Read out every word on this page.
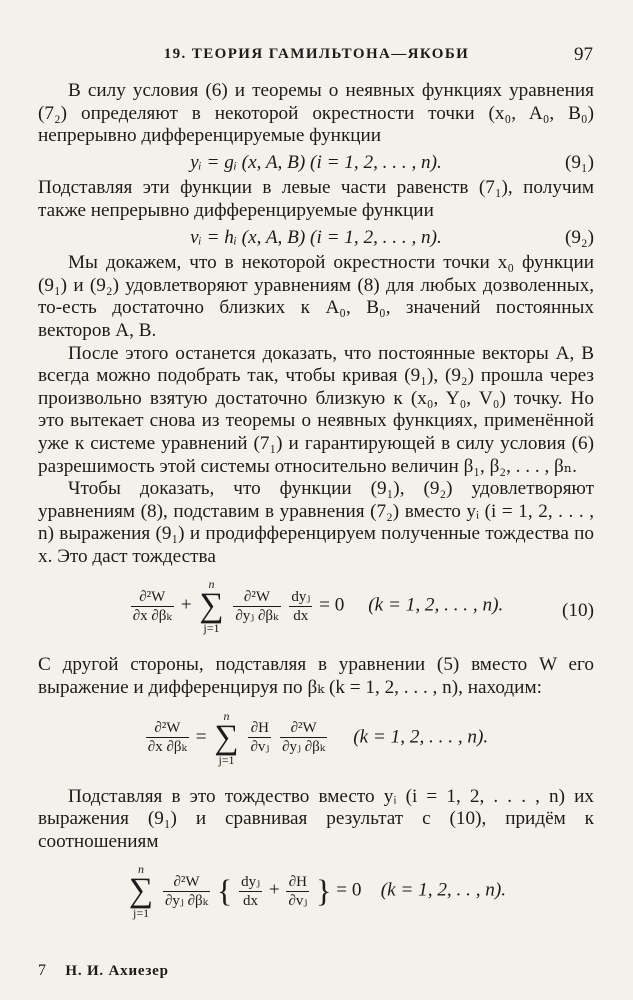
19. ТЕОРИЯ ГАМИЛЬТОНА—ЯКОБИ	97

В силу условия (6) и теоремы о неявных функциях уравнения (7₂) определяют в некоторой окрестности точки (x₀, A₀, B₀) непрерывно дифференцируемые функции

yᵢ = gᵢ (x, A, B) (i = 1, 2, . . . , n).	(9₁)

Подставляя эти функции в левые части равенств (7₁), получим также непрерывно дифференцируемые функции

vᵢ = hᵢ (x, A, B) (i = 1, 2, . . . , n).	(9₂)

Мы докажем, что в некоторой окрестности точки x₀ функции (9₁) и (9₂) удовлетворяют уравнениям (8) для любых дозволенных, то-есть достаточно близких к A₀, B₀, значений постоянных векторов A, B.

После этого останется доказать, что постоянные векторы A, B всегда можно подобрать так, чтобы кривая (9₁), (9₂) прошла через произвольно взятую достаточно близкую к (x₀, Y₀, V₀) точку. Но это вытекает снова из теоремы о неявных функциях, применённой уже к системе уравнений (7₁) и гарантирующей в силу условия (6) разрешимость этой системы относительно величин β₁, β₂, . . . , βₙ.

Чтобы доказать, что функции (9₁), (9₂) удовлетворяют уравнениям (8), подставим в уравнения (7₂) вместо yᵢ (i = 1, 2, . . . , n) выражения (9₁) и продифференцируем полученные тождества по x. Это даст тождества

$\frac{\text{∂²W}}{\text{∂x ∂βₖ}}$ +
n
∑
j=1

$\frac{\text{∂²W}}{\text{∂yⱼ ∂βₖ}}$
$\frac{\text{dyⱼ}}{dx} = 0$ (k = 1, 2, . . . , n).	(10)

С другой стороны, подставляя в уравнении (5) вместо W его выражение и дифференцируя по βₖ (k = 1, 2, . . . , n), находим:

$\frac{\text{∂²W}}{\text{∂x ∂βₖ}}$ =
n
∑
j=1

$\frac{\partial H}{\text{∂vⱼ}}$
$\frac{\text{∂²W}}{\text{∂yⱼ ∂βₖ}} (k = 1$, 2, . . . , n).

Подставляя в это тождество вместо yᵢ (i = 1, 2, . . . , n) их выражения (9₁) и сравнивая результат с (10), придём к соотношениям

n
∑
j=1

$\frac{\text{∂²W}}{\text{∂yⱼ ∂βₖ}}$ { $\frac{\text{dyⱼ}}{dx} + \frac{\partial H}{\text{∂vⱼ}}$ } = 0 (k = 1, 2, . . , n).
7 Н. И. Ахиезер
